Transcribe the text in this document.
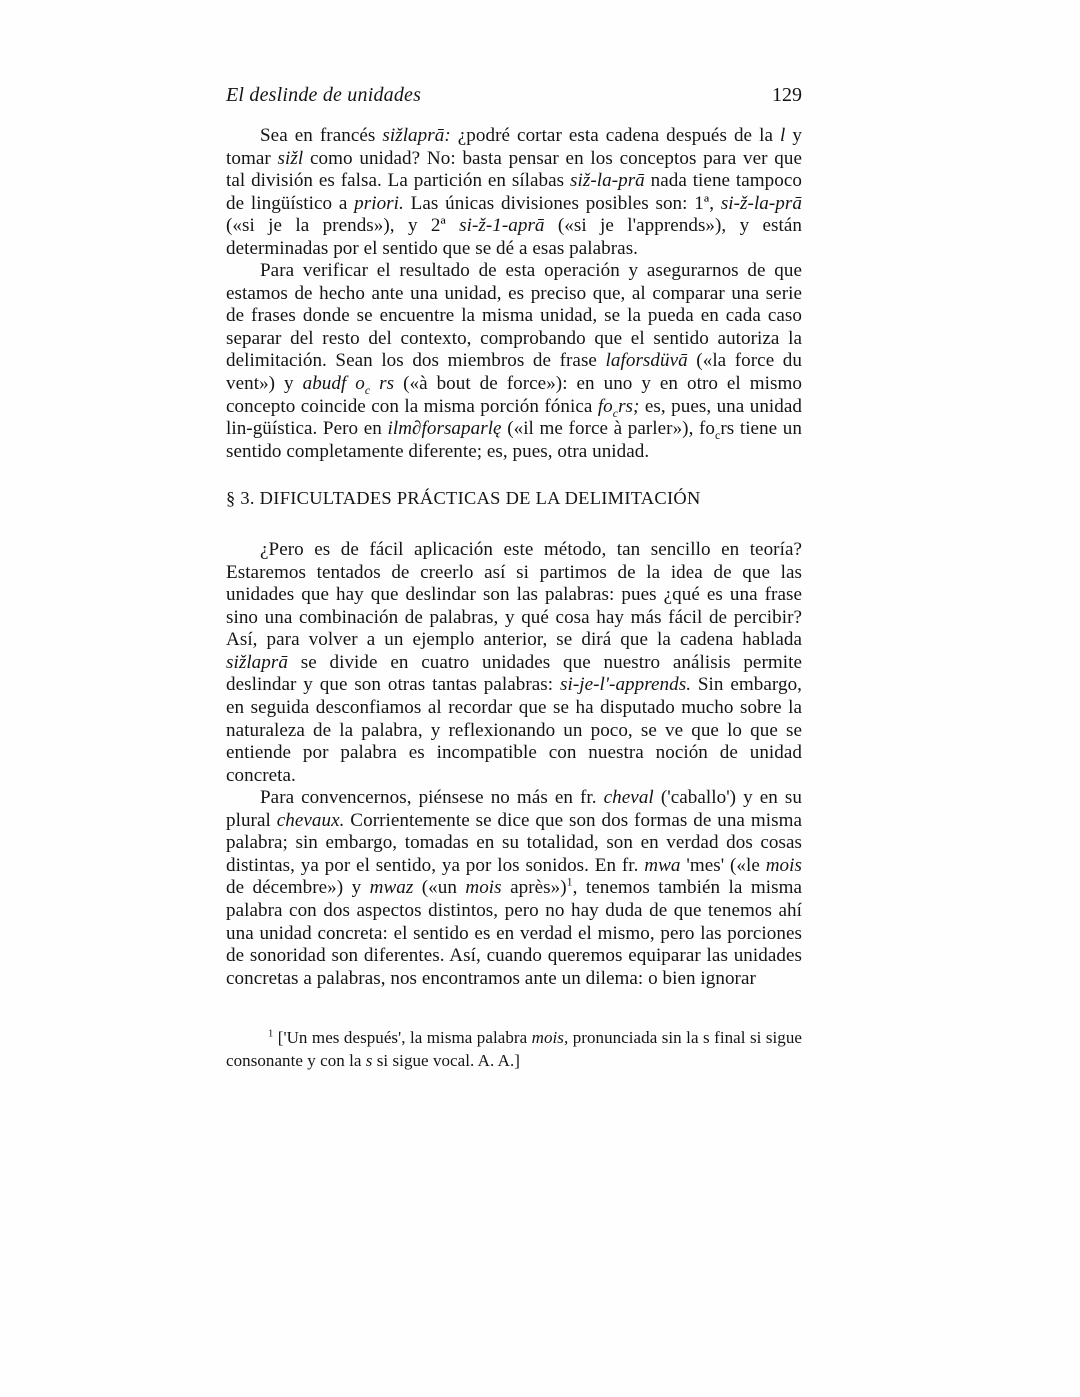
El deslinde de unidades	129

Sea en francés sižlaprā: ¿podré cortar esta cadena después de la l y tomar sižl como unidad? No: basta pensar en los conceptos para ver que tal división es falsa. La partición en sílabas siž-la-prā nada tiene tampoco de lingüístico a priori. Las únicas divisiones posibles son: 1ª, si-ž-la-prā («si je la prends»), y 2ª si-ž-1-aprā («si je l'apprends»), y están determinadas por el sentido que se dé a esas palabras.

Para verificar el resultado de esta operación y asegurarnos de que estamos de hecho ante una unidad, es preciso que, al comparar una serie de frases donde se encuentre la misma unidad, se la pueda en cada caso separar del resto del contexto, comprobando que el sentido autoriza la delimitación. Sean los dos miembros de frase laforsdüvā («la force du vent») y abudf $o_c$ rs («à bout de force»): en uno y en otro el mismo concepto coincide con la misma porción fónica $fo_crs$; es, pues, una unidad lin-güística. Pero en ilm∂forsaparlę («il me force à parler»), $fo_crs$ tiene un sentido completamente diferente; es, pues, otra unidad.

§ 3. DIFICULTADES PRÁCTICAS DE LA DELIMITACIÓN

¿Pero es de fácil aplicación este método, tan sencillo en teoría? Estaremos tentados de creerlo así si partimos de la idea de que las unidades que hay que deslindar son las palabras: pues ¿qué es una frase sino una combinación de palabras, y qué cosa hay más fácil de percibir? Así, para volver a un ejemplo anterior, se dirá que la cadena hablada sižlaprā se divide en cuatro unidades que nuestro análisis permite deslindar y que son otras tantas palabras: si-je-l'-apprends. Sin embargo, en seguida desconfiamos al recordar que se ha disputado mucho sobre la naturaleza de la palabra, y reflexionando un poco, se ve que lo que se entiende por palabra es incompatible con nuestra noción de unidad concreta.

Para convencernos, piénsese no más en fr. cheval ('caballo') y en su plural chevaux. Corrientemente se dice que son dos formas de una misma palabra; sin embargo, tomadas en su totalidad, son en verdad dos cosas distintas, ya por el sentido, ya por los sonidos. En fr. mwa 'mes' («le mois de décembre») y mwaz («un mois après»)$^1$, tenemos también la misma palabra con dos aspectos distintos, pero no hay duda de que tenemos ahí una unidad concreta: el sentido es en verdad el mismo, pero las porciones de sonoridad son diferentes. Así, cuando queremos equiparar las unidades concretas a palabras, nos encontramos ante un dilema: o bien ignorar

$^1$ ['Un mes después', la misma palabra mois, pronunciada sin la s final si sigue consonante y con la s si sigue vocal. A. A.]
